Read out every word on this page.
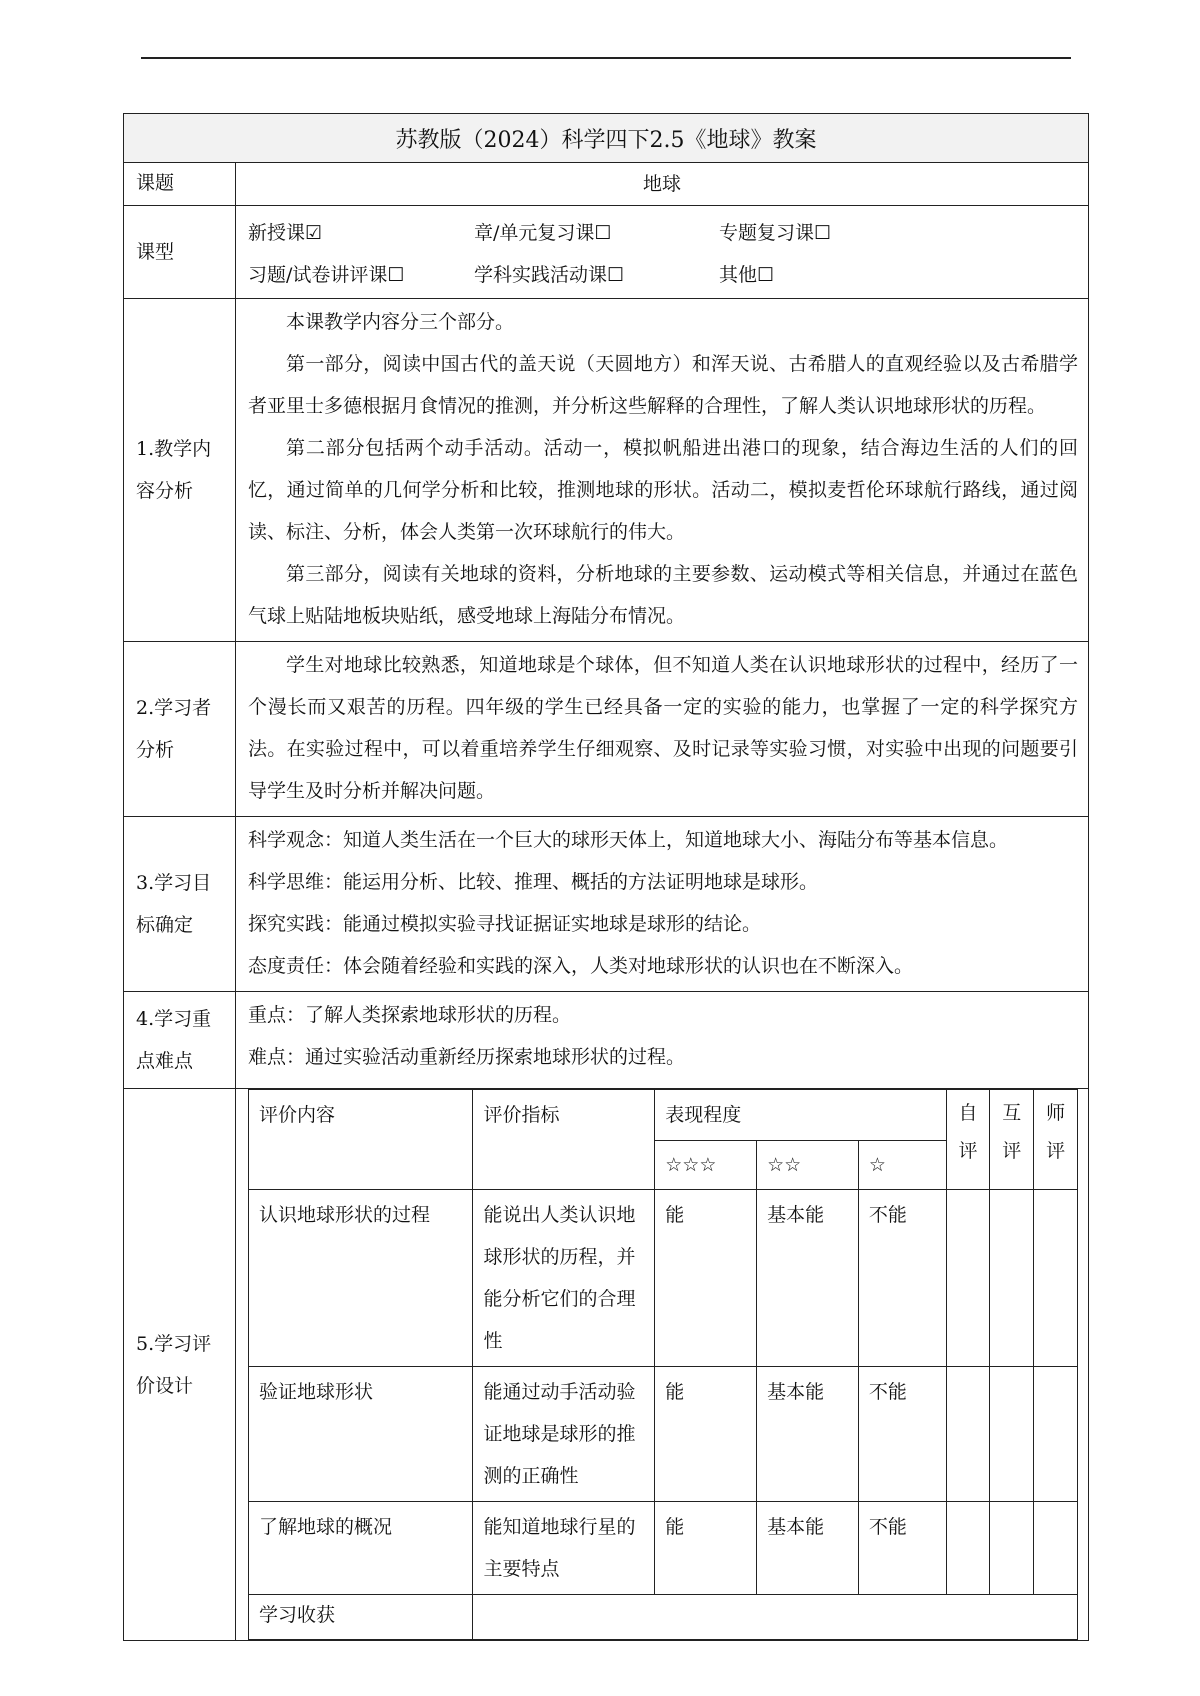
苏教版（2024）科学四下2.5《地球》教案
课题	地球
课型	
新授课☑	章/单元复习课☐	专题复习课☐
习题/试卷讲评课☐	学科实践活动课☐	其他☐

1.教学内容分析	

本课教学内容分三个部分。

第一部分，阅读中国古代的盖天说（天圆地方）和浑天说、古希腊人的直观经验以及古希腊学者亚里士多德根据月食情况的推测，并分析这些解释的合理性，了解人类认识地球形状的历程。

第二部分包括两个动手活动。活动一，模拟帆船进出港口的现象，结合海边生活的人们的回忆，通过简单的几何学分析和比较，推测地球的形状。活动二，模拟麦哲伦环球航行路线，通过阅读、标注、分析，体会人类第一次环球航行的伟大。

第三部分，阅读有关地球的资料，分析地球的主要参数、运动模式等相关信息，并通过在蓝色气球上贴陆地板块贴纸，感受地球上海陆分布情况。

2.学习者分析	

学生对地球比较熟悉，知道地球是个球体，但不知道人类在认识地球形状的过程中，经历了一个漫长而又艰苦的历程。四年级的学生已经具备一定的实验的能力，也掌握了一定的科学探究方法。在实验过程中，可以着重培养学生仔细观察、及时记录等实验习惯，对实验中出现的问题要引导学生及时分析并解决问题。

3.学习目标确定	

科学观念：知道人类生活在一个巨大的球形天体上，知道地球大小、海陆分布等基本信息。

科学思维：能运用分析、比较、推理、概括的方法证明地球是球形。

探究实践：能通过模拟实验寻找证据证实地球是球形的结论。

态度责任：体会随着经验和实践的深入，人类对地球形状的认识也在不断深入。

4.学习重点难点	

重点：了解人类探索地球形状的历程。

难点：通过实验活动重新经历探索地球形状的过程。

5.学习评价设计	
评价内容	评价指标	表现程度	自评	互评	师评
☆☆☆	☆☆	☆
认识地球形状的过程	能说出人类认识地球形状的历程，并能分析它们的合理性	能	基本能	不能			
验证地球形状	能通过动手活动验证地球是球形的推测的正确性	能	基本能	不能			
了解地球的概况	能知道地球行星的主要特点	能	基本能	不能			
学习收获	
